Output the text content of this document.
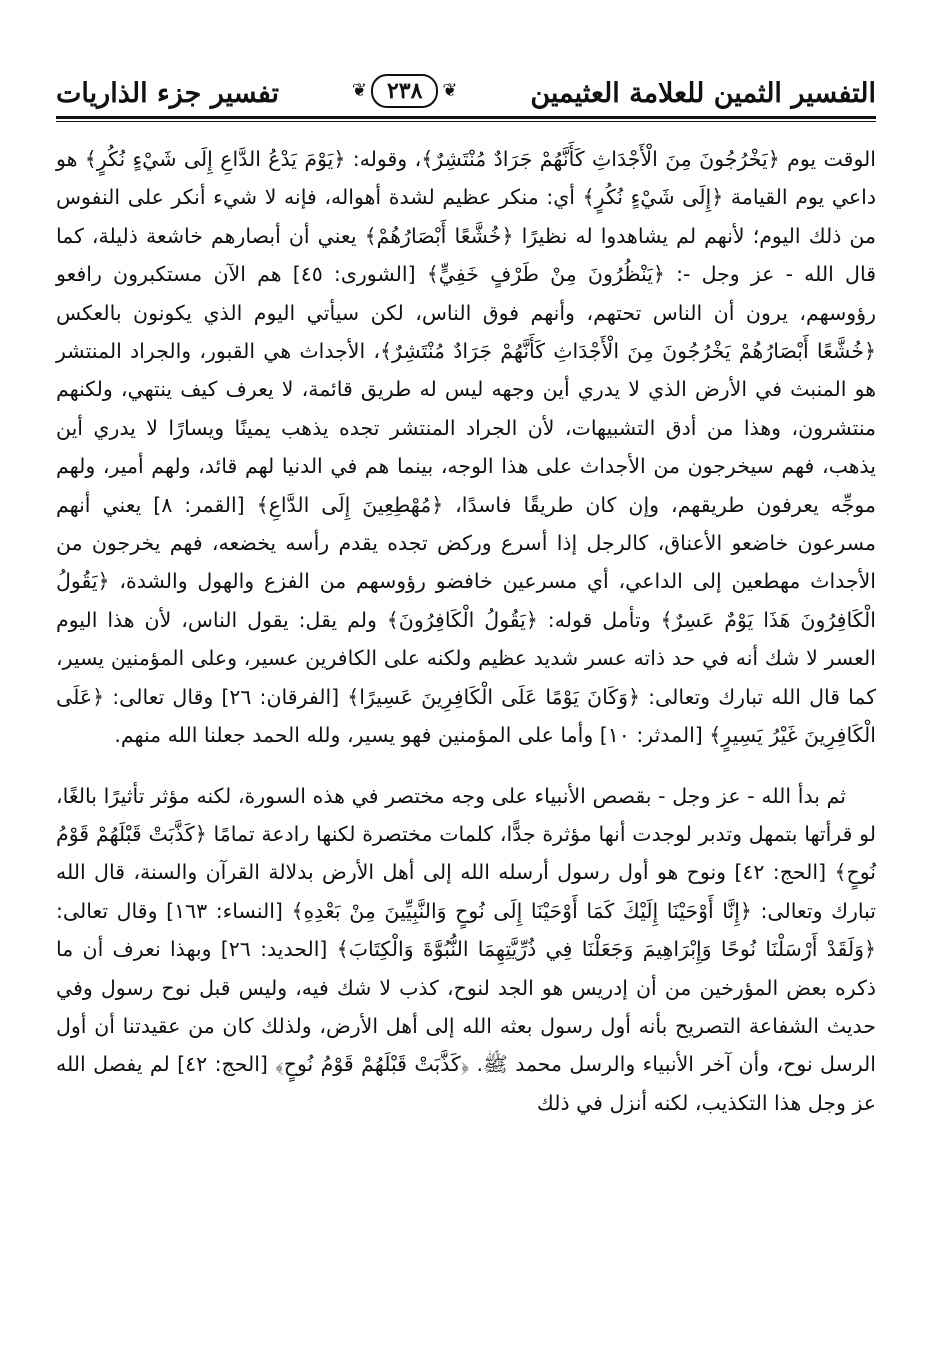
التفسير الثمين للعلامة العثيمين
❦
٢٣٨
❦
تفسير جزء الذاريات

الوقت يوم ﴿يَخْرُجُونَ مِنَ الْأَجْدَاثِ كَأَنَّهُمْ جَرَادٌ مُنْتَشِرٌ﴾، وقوله: ﴿يَوْمَ يَدْعُ الدَّاعِ إِلَى شَيْءٍ نُكُرٍ﴾ هو داعي يوم القيامة ﴿إِلَى شَيْءٍ نُكُرٍ﴾ أي: منكر عظيم لشدة أهواله، فإنه لا شيء أنكر على النفوس من ذلك اليوم؛ لأنهم لم يشاهدوا له نظيرًا ﴿خُشَّعًا أَبْصَارُهُمْ﴾ يعني أن أبصارهم خاشعة ذليلة، كما قال الله - عز وجل -: ﴿يَنْظُرُونَ مِنْ طَرْفٍ خَفِيٍّ﴾ [الشورى: ٤٥] هم الآن مستكبرون رافعو رؤوسهم، يرون أن الناس تحتهم، وأنهم فوق الناس، لكن سيأتي اليوم الذي يكونون بالعكس ﴿خُشَّعًا أَبْصَارُهُمْ يَخْرُجُونَ مِنَ الْأَجْدَاثِ كَأَنَّهُمْ جَرَادٌ مُنْتَشِرٌ﴾، الأجداث هي القبور، والجراد المنتشر هو المنبث في الأرض الذي لا يدري أين وجهه ليس له طريق قائمة، لا يعرف كيف ينتهي، ولكنهم منتشرون، وهذا من أدق التشبيهات، لأن الجراد المنتشر تجده يذهب يمينًا ويسارًا لا يدري أين يذهب، فهم سيخرجون من الأجداث على هذا الوجه، بينما هم في الدنيا لهم قائد، ولهم أمير، ولهم موجِّه يعرفون طريقهم، وإن كان طريقًا فاسدًا، ﴿مُهْطِعِينَ إِلَى الدَّاعِ﴾ [القمر: ٨] يعني أنهم مسرعون خاضعو الأعناق، كالرجل إذا أسرع وركض تجده يقدم رأسه يخضعه، فهم يخرجون من الأجداث مهطعين إلى الداعي، أي مسرعين خافضو رؤوسهم من الفزع والهول والشدة، ﴿يَقُولُ الْكَافِرُونَ هَذَا يَوْمٌ عَسِرٌ﴾ وتأمل قوله: ﴿يَقُولُ الْكَافِرُونَ﴾ ولم يقل: يقول الناس، لأن هذا اليوم العسر لا شك أنه في حد ذاته عسر شديد عظيم ولكنه على الكافرين عسير، وعلى المؤمنين يسير، كما قال الله تبارك وتعالى: ﴿وَكَانَ يَوْمًا عَلَى الْكَافِرِينَ عَسِيرًا﴾ [الفرقان: ٢٦] وقال تعالى: ﴿عَلَى الْكَافِرِينَ غَيْرُ يَسِيرٍ﴾ [المدثر: ١٠] وأما على المؤمنين فهو يسير، ولله الحمد جعلنا الله منهم.

ثم بدأ الله - عز وجل - بقصص الأنبياء على وجه مختصر في هذه السورة، لكنه مؤثر تأثيرًا بالغًا، لو قرأتها بتمهل وتدبر لوجدت أنها مؤثرة جدًّا، كلمات مختصرة لكنها رادعة تمامًا ﴿كَذَّبَتْ قَبْلَهُمْ قَوْمُ نُوحٍ﴾ [الحج: ٤٢] ونوح هو أول رسول أرسله الله إلى أهل الأرض بدلالة القرآن والسنة، قال الله تبارك وتعالى: ﴿إِنَّا أَوْحَيْنَا إِلَيْكَ كَمَا أَوْحَيْنَا إِلَى نُوحٍ وَالنَّبِيِّينَ مِنْ بَعْدِهِ﴾ [النساء: ١٦٣] وقال تعالى: ﴿وَلَقَدْ أَرْسَلْنَا نُوحًا وَإِبْرَاهِيمَ وَجَعَلْنَا فِي ذُرِّيَّتِهِمَا النُّبُوَّةَ وَالْكِتَابَ﴾ [الحديد: ٢٦] وبهذا نعرف أن ما ذكره بعض المؤرخين من أن إدريس هو الجد لنوح، كذب لا شك فيه، وليس قبل نوح رسول وفي حديث الشفاعة التصريح بأنه أول رسول بعثه الله إلى أهل الأرض، ولذلك كان من عقيدتنا أن أول الرسل نوح، وأن آخر الأنبياء والرسل محمد ﷺ. ﴿كَذَّبَتْ قَبْلَهُمْ قَوْمُ نُوحٍ﴾ [الحج: ٤٢] لم يفصل الله عز وجل هذا التكذيب، لكنه أنزل في ذلك
